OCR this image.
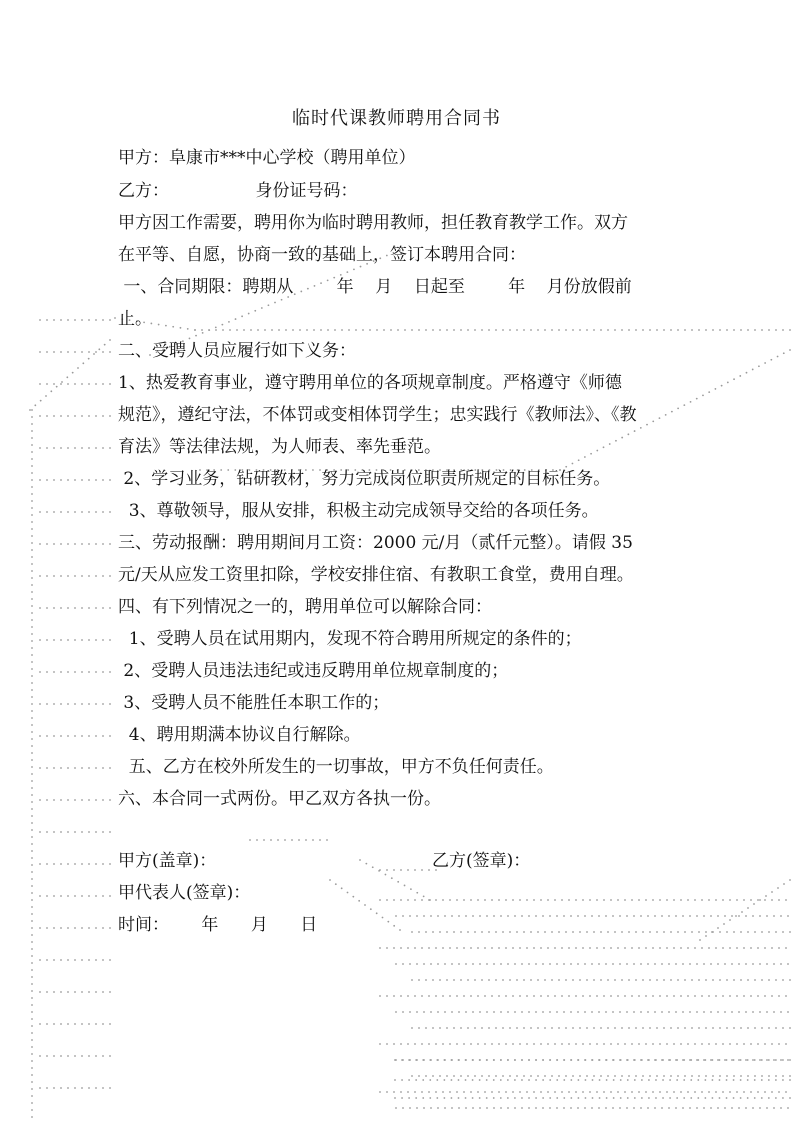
临时代课教师聘用合同书
甲方：阜康市***中心学校（聘用单位）
乙方：                身份证号码：
甲方因工作需要，聘用你为临时聘用教师，担任教育教学工作。双方
在平等、自愿，协商一致的基础上，签订本聘用合同：
一、合同期限：聘期从        年    月    日起至        年    月份放假前
止。
二、受聘人员应履行如下义务：
1、热爱教育事业，遵守聘用单位的各项规章制度。严格遵守《师德
规范》，遵纪守法，不体罚或变相体罚学生；忠实践行《教师法》、《教
育法》等法律法规，为人师表、率先垂范。
2、学习业务，钻研教材，努力完成岗位职责所规定的目标任务。
3、尊敬领导，服从安排，积极主动完成领导交给的各项任务。
三、劳动报酬：聘用期间月工资：2000 元/月（贰仟元整）。请假 35
元/天从应发工资里扣除，学校安排住宿、有教职工食堂，费用自理。
四、有下列情况之一的，聘用单位可以解除合同：
1、受聘人员在试用期内，发现不符合聘用所规定的条件的；
2、受聘人员违法违纪或违反聘用单位规章制度的；
3、受聘人员不能胜任本职工作的；
4、聘用期满本协议自行解除。
五、乙方在校外所发生的一切事故，甲方不负任何责任。
六、本合同一式两份。甲乙双方各执一份。
甲方(盖章)：	乙方(签章)：
甲代表人(签章)：
时间：      年      月      日
